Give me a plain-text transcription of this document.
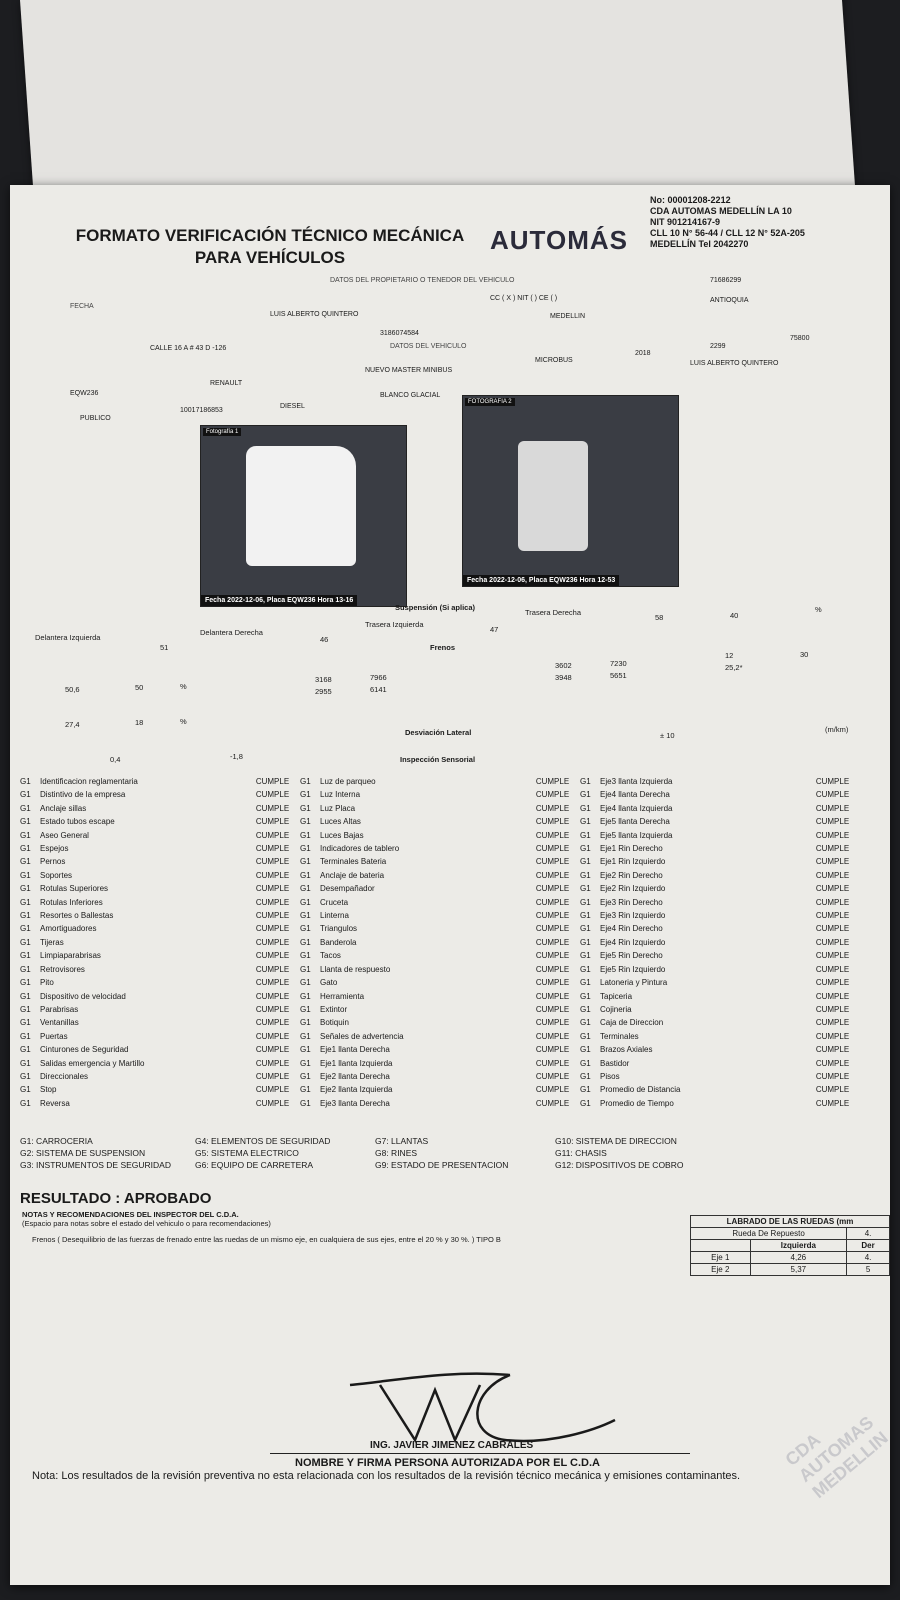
FORMATO VERIFICACIÓN TÉCNICO MECÁNICA PARA VEHÍCULOS
AUTOMÁS
No: 00001208-2212
CDA AUTOMAS MEDELLÍN LA 10
NIT 901214167-9
CLL 10 N° 56-44 / CLL 12 N° 52A-205 MEDELLÍN Tel 2042270
DATOS DEL PROPIETARIO O TENEDOR DEL VEHICULO
FECHA
LUIS ALBERTO QUINTERO
CC ( X ) NIT ( ) CE ( )
71686299
ANTIOQUIA
MEDELLIN
CALLE 16 A # 43 D -126
3186074584
DATOS DEL VEHICULO
EQW236
RENAULT
NUEVO MASTER MINIBUS
MICROBUS
2018
2299
75800
PUBLICO
10017186853
DIESEL
BLANCO GLACIAL
LUIS ALBERTO QUINTERO
Fotografía 1
Fecha 2022-12-06, Placa EQW236 Hora 13-16
FOTOGRAFIA 2
Fecha 2022-12-06, Placa EQW236 Hora 12-53
Suspensión (Si aplica)
Delantera Izquierda
51
Delantera Derecha
46
Trasera Izquierda
47
Trasera Derecha
58	40
%
Frenos
50,6	50	%
27,4	18	%
3168	7966
2955	6141
3602	7230
3948	5651
12
25,2*
30
Desviación Lateral
0,4	-1,8
± 10
(m/km)
Inspección Sensorial
G1	Identificacion reglamentaria	CUMPLE	G1	Luz de parqueo	CUMPLE	G1	Eje3 llanta Izquierda	CUMPLE
G1	Distintivo de la empresa	CUMPLE	G1	Luz Interna	CUMPLE	G1	Eje4 llanta Derecha	CUMPLE
G1	Anclaje sillas	CUMPLE	G1	Luz Placa	CUMPLE	G1	Eje4 llanta Izquierda	CUMPLE
G1	Estado tubos escape	CUMPLE	G1	Luces Altas	CUMPLE	G1	Eje5 llanta Derecha	CUMPLE
G1	Aseo General	CUMPLE	G1	Luces Bajas	CUMPLE	G1	Eje5 llanta Izquierda	CUMPLE
G1	Espejos	CUMPLE	G1	Indicadores de tablero	CUMPLE	G1	Eje1 Rin Derecho	CUMPLE
G1	Pernos	CUMPLE	G1	Terminales Bateria	CUMPLE	G1	Eje1 Rin Izquierdo	CUMPLE
G1	Soportes	CUMPLE	G1	Anclaje de bateria	CUMPLE	G1	Eje2 Rin Derecho	CUMPLE
G1	Rotulas Superiores	CUMPLE	G1	Desempañador	CUMPLE	G1	Eje2 Rin Izquierdo	CUMPLE
G1	Rotulas Inferiores	CUMPLE	G1	Cruceta	CUMPLE	G1	Eje3 Rin Derecho	CUMPLE
G1	Resortes o Ballestas	CUMPLE	G1	Linterna	CUMPLE	G1	Eje3 Rin Izquierdo	CUMPLE
G1	Amortiguadores	CUMPLE	G1	Triangulos	CUMPLE	G1	Eje4 Rin Derecho	CUMPLE
G1	Tijeras	CUMPLE	G1	Banderola	CUMPLE	G1	Eje4 Rin Izquierdo	CUMPLE
G1	Limpiaparabrisas	CUMPLE	G1	Tacos	CUMPLE	G1	Eje5 Rin Derecho	CUMPLE
G1	Retrovisores	CUMPLE	G1	Llanta de respuesto	CUMPLE	G1	Eje5 Rin Izquierdo	CUMPLE
G1	Pito	CUMPLE	G1	Gato	CUMPLE	G1	Latoneria y Pintura	CUMPLE
G1	Dispositivo de velocidad	CUMPLE	G1	Herramienta	CUMPLE	G1	Tapiceria	CUMPLE
G1	Parabrisas	CUMPLE	G1	Extintor	CUMPLE	G1	Cojineria	CUMPLE
G1	Ventanillas	CUMPLE	G1	Botiquin	CUMPLE	G1	Caja de Direccion	CUMPLE
G1	Puertas	CUMPLE	G1	Señales de advertencia	CUMPLE	G1	Terminales	CUMPLE
G1	Cinturones de Seguridad	CUMPLE	G1	Eje1 llanta Derecha	CUMPLE	G1	Brazos Axiales	CUMPLE
G1	Salidas emergencia y Martillo	CUMPLE	G1	Eje1 llanta Izquierda	CUMPLE	G1	Bastidor	CUMPLE
G1	Direccionales	CUMPLE	G1	Eje2 llanta Derecha	CUMPLE	G1	Pisos	CUMPLE
G1	Stop	CUMPLE	G1	Eje2 llanta Izquierda	CUMPLE	G1	Promedio de Distancia	CUMPLE
G1	Reversa	CUMPLE	G1	Eje3 llanta Derecha	CUMPLE	G1	Promedio de Tiempo	CUMPLE
G1: CARROCERIA	G4: ELEMENTOS DE SEGURIDAD	G7: LLANTAS	G10: SISTEMA DE DIRECCION
G2: SISTEMA DE SUSPENSION	G5: SISTEMA ELECTRICO	G8: RINES	G11: CHASIS
G3: INSTRUMENTOS DE SEGURIDAD	G6: EQUIPO DE CARRETERA	G9: ESTADO DE PRESENTACION	G12: DISPOSITIVOS DE COBRO
RESULTADO : APROBADO
NOTAS Y RECOMENDACIONES DEL INSPECTOR DEL C.D.A.
(Espacio para notas sobre el estado del vehiculo o para recomendaciones)
Frenos ( Desequilibrio de las fuerzas de frenado entre las ruedas de un mismo eje, en cualquiera de sus ejes, entre el 20 % y 30 %. ) TIPO B
LABRADO DE LAS RUEDAS (mm		
Rueda De Repuesto		4.
	Izquierda	Der
Eje 1	4,26	4.
Eje 2	5,37	5
ING. JAVIER JIMENEZ CABRALES
NOMBRE Y FIRMA PERSONA AUTORIZADA POR EL C.D.A
Nota: Los resultados de la revisión preventiva no esta relacionada con los resultados de la revisión técnico mecánica y emisiones contaminantes.
CDA AUTOMAS MEDELLIN
